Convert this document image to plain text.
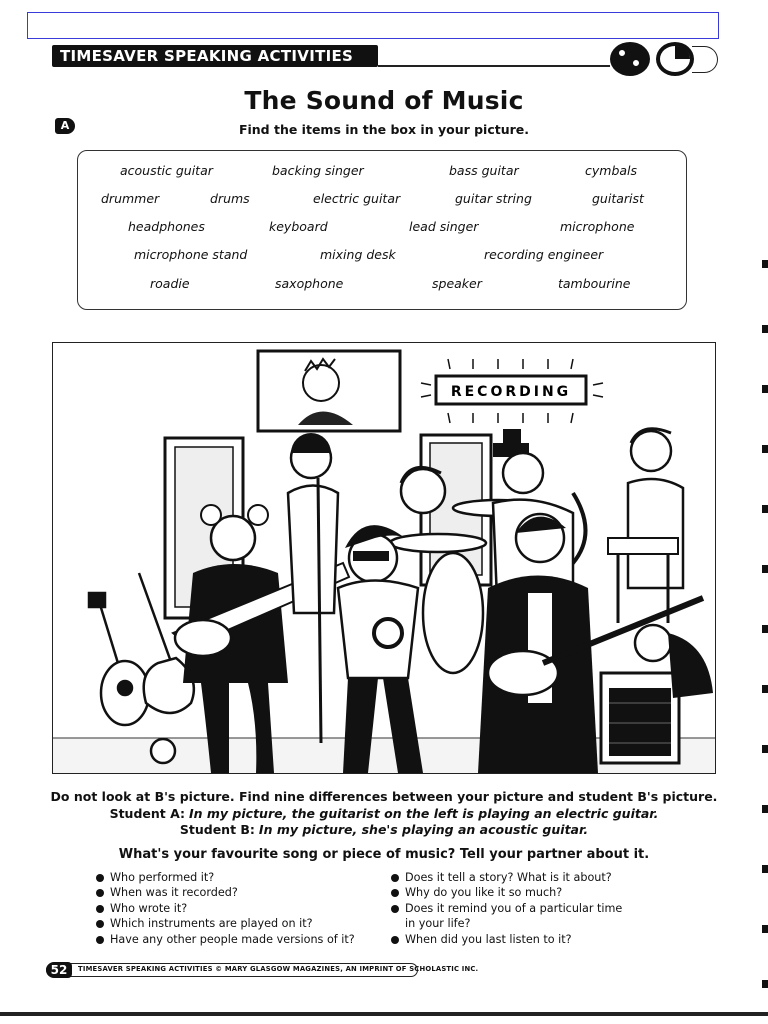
TIMESAVER SPEAKING ACTIVITIES
The Sound of Music
A	Find the items in the box in your picture.
acoustic guitar	backing singer	bass guitar	cymbals
drummer	drums	electric guitar	guitar string	guitarist
headphones	keyboard	lead singer	microphone
microphone stand	mixing desk	recording engineer
roadie	saxophone	speaker	tambourine
RECORDING
Do not look at B's picture. Find nine differences between your picture and student B's picture.
Student A: In my picture, the guitarist on the left is playing an electric guitar.
Student B: In my picture, she's playing an acoustic guitar.
What's your favourite song or piece of music? Tell your partner about it.
Who performed it?
When was it recorded?
Who wrote it?
Which instruments are played on it?
Have any other people made versions of it?
Does it tell a story? What is it about?
Why do you like it so much?
Does it remind you of a particular time
in your life?
When did you last listen to it?
52	TIMESAVER SPEAKING ACTIVITIES © MARY GLASGOW MAGAZINES, AN IMPRINT OF SCHOLASTIC INC.
